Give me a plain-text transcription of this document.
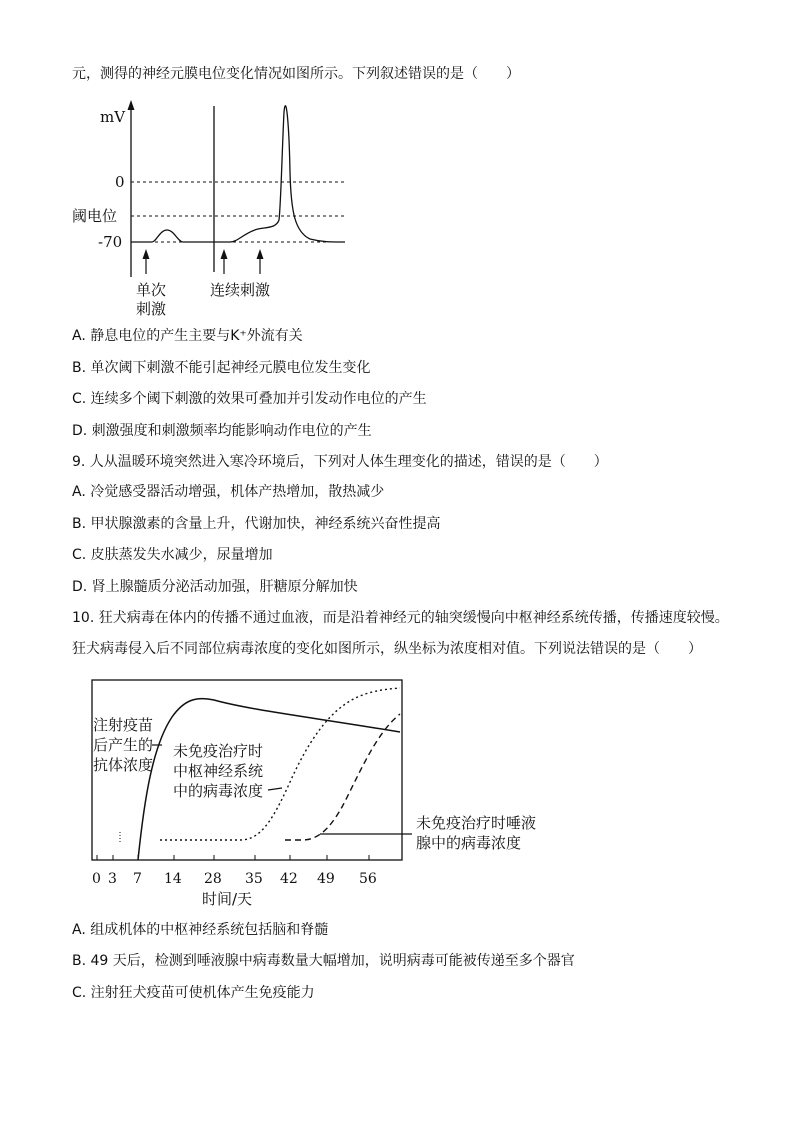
元，测得的神经元膜电位变化情况如图所示。下列叙述错误的是（　　）
mV
0
阈电位
-70
单次
刺激
连续刺激
A. 静息电位的产生主要与K⁺外流有关
B. 单次阈下刺激不能引起神经元膜电位发生变化
C. 连续多个阈下刺激的效果可叠加并引发动作电位的产生
D. 刺激强度和刺激频率均能影响动作电位的产生
9. 人从温暖环境突然进入寒冷环境后，下列对人体生理变化的描述，错误的是（　　）
A. 冷觉感受器活动增强，机体产热增加，散热减少
B. 甲状腺激素的含量上升，代谢加快，神经系统兴奋性提高
C. 皮肤蒸发失水减少，尿量增加
D. 肾上腺髓质分泌活动加强，肝糖原分解加快
10. 狂犬病毒在体内的传播不通过血液，而是沿着神经元的轴突缓慢向中枢神经系统传播，传播速度较慢。
狂犬病毒侵入后不同部位病毒浓度的变化如图所示，纵坐标为浓度相对值。下列说法错误的是（　　）
0 3 7 14 28 35 42 49 56
时间/天
注射疫苗
后产生的
抗体浓度
未免疫治疗时
中枢神经系统
中的病毒浓度
未免疫治疗时唾液
腺中的病毒浓度
A. 组成机体的中枢神经系统包括脑和脊髓
B. 49 天后，检测到唾液腺中病毒数量大幅增加，说明病毒可能被传递至多个器官
C. 注射狂犬疫苗可使机体产生免疫能力
